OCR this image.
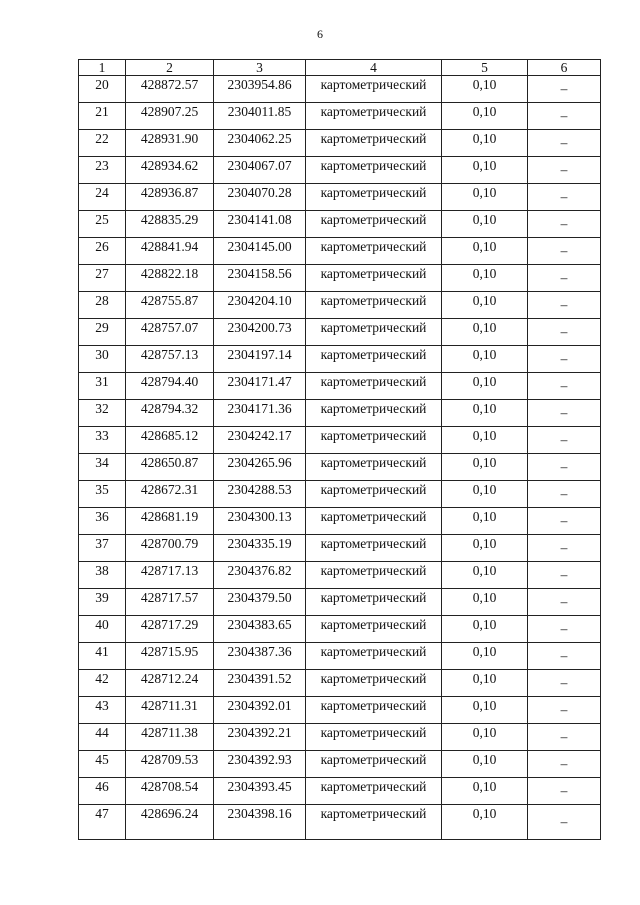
6
1	2	3	4	5	6
20	428872.57	2303954.86	картометрический	0,10	–
21	428907.25	2304011.85	картометрический	0,10	–
22	428931.90	2304062.25	картометрический	0,10	–
23	428934.62	2304067.07	картометрический	0,10	–
24	428936.87	2304070.28	картометрический	0,10	–
25	428835.29	2304141.08	картометрический	0,10	–
26	428841.94	2304145.00	картометрический	0,10	–
27	428822.18	2304158.56	картометрический	0,10	–
28	428755.87	2304204.10	картометрический	0,10	–
29	428757.07	2304200.73	картометрический	0,10	–
30	428757.13	2304197.14	картометрический	0,10	–
31	428794.40	2304171.47	картометрический	0,10	–
32	428794.32	2304171.36	картометрический	0,10	–
33	428685.12	2304242.17	картометрический	0,10	–
34	428650.87	2304265.96	картометрический	0,10	–
35	428672.31	2304288.53	картометрический	0,10	–
36	428681.19	2304300.13	картометрический	0,10	–
37	428700.79	2304335.19	картометрический	0,10	–
38	428717.13	2304376.82	картометрический	0,10	–
39	428717.57	2304379.50	картометрический	0,10	–
40	428717.29	2304383.65	картометрический	0,10	–
41	428715.95	2304387.36	картометрический	0,10	–
42	428712.24	2304391.52	картометрический	0,10	–
43	428711.31	2304392.01	картометрический	0,10	–
44	428711.38	2304392.21	картометрический	0,10	–
45	428709.53	2304392.93	картометрический	0,10	–
46	428708.54	2304393.45	картометрический	0,10	–
47	428696.24	2304398.16	картометрический	0,10	–
